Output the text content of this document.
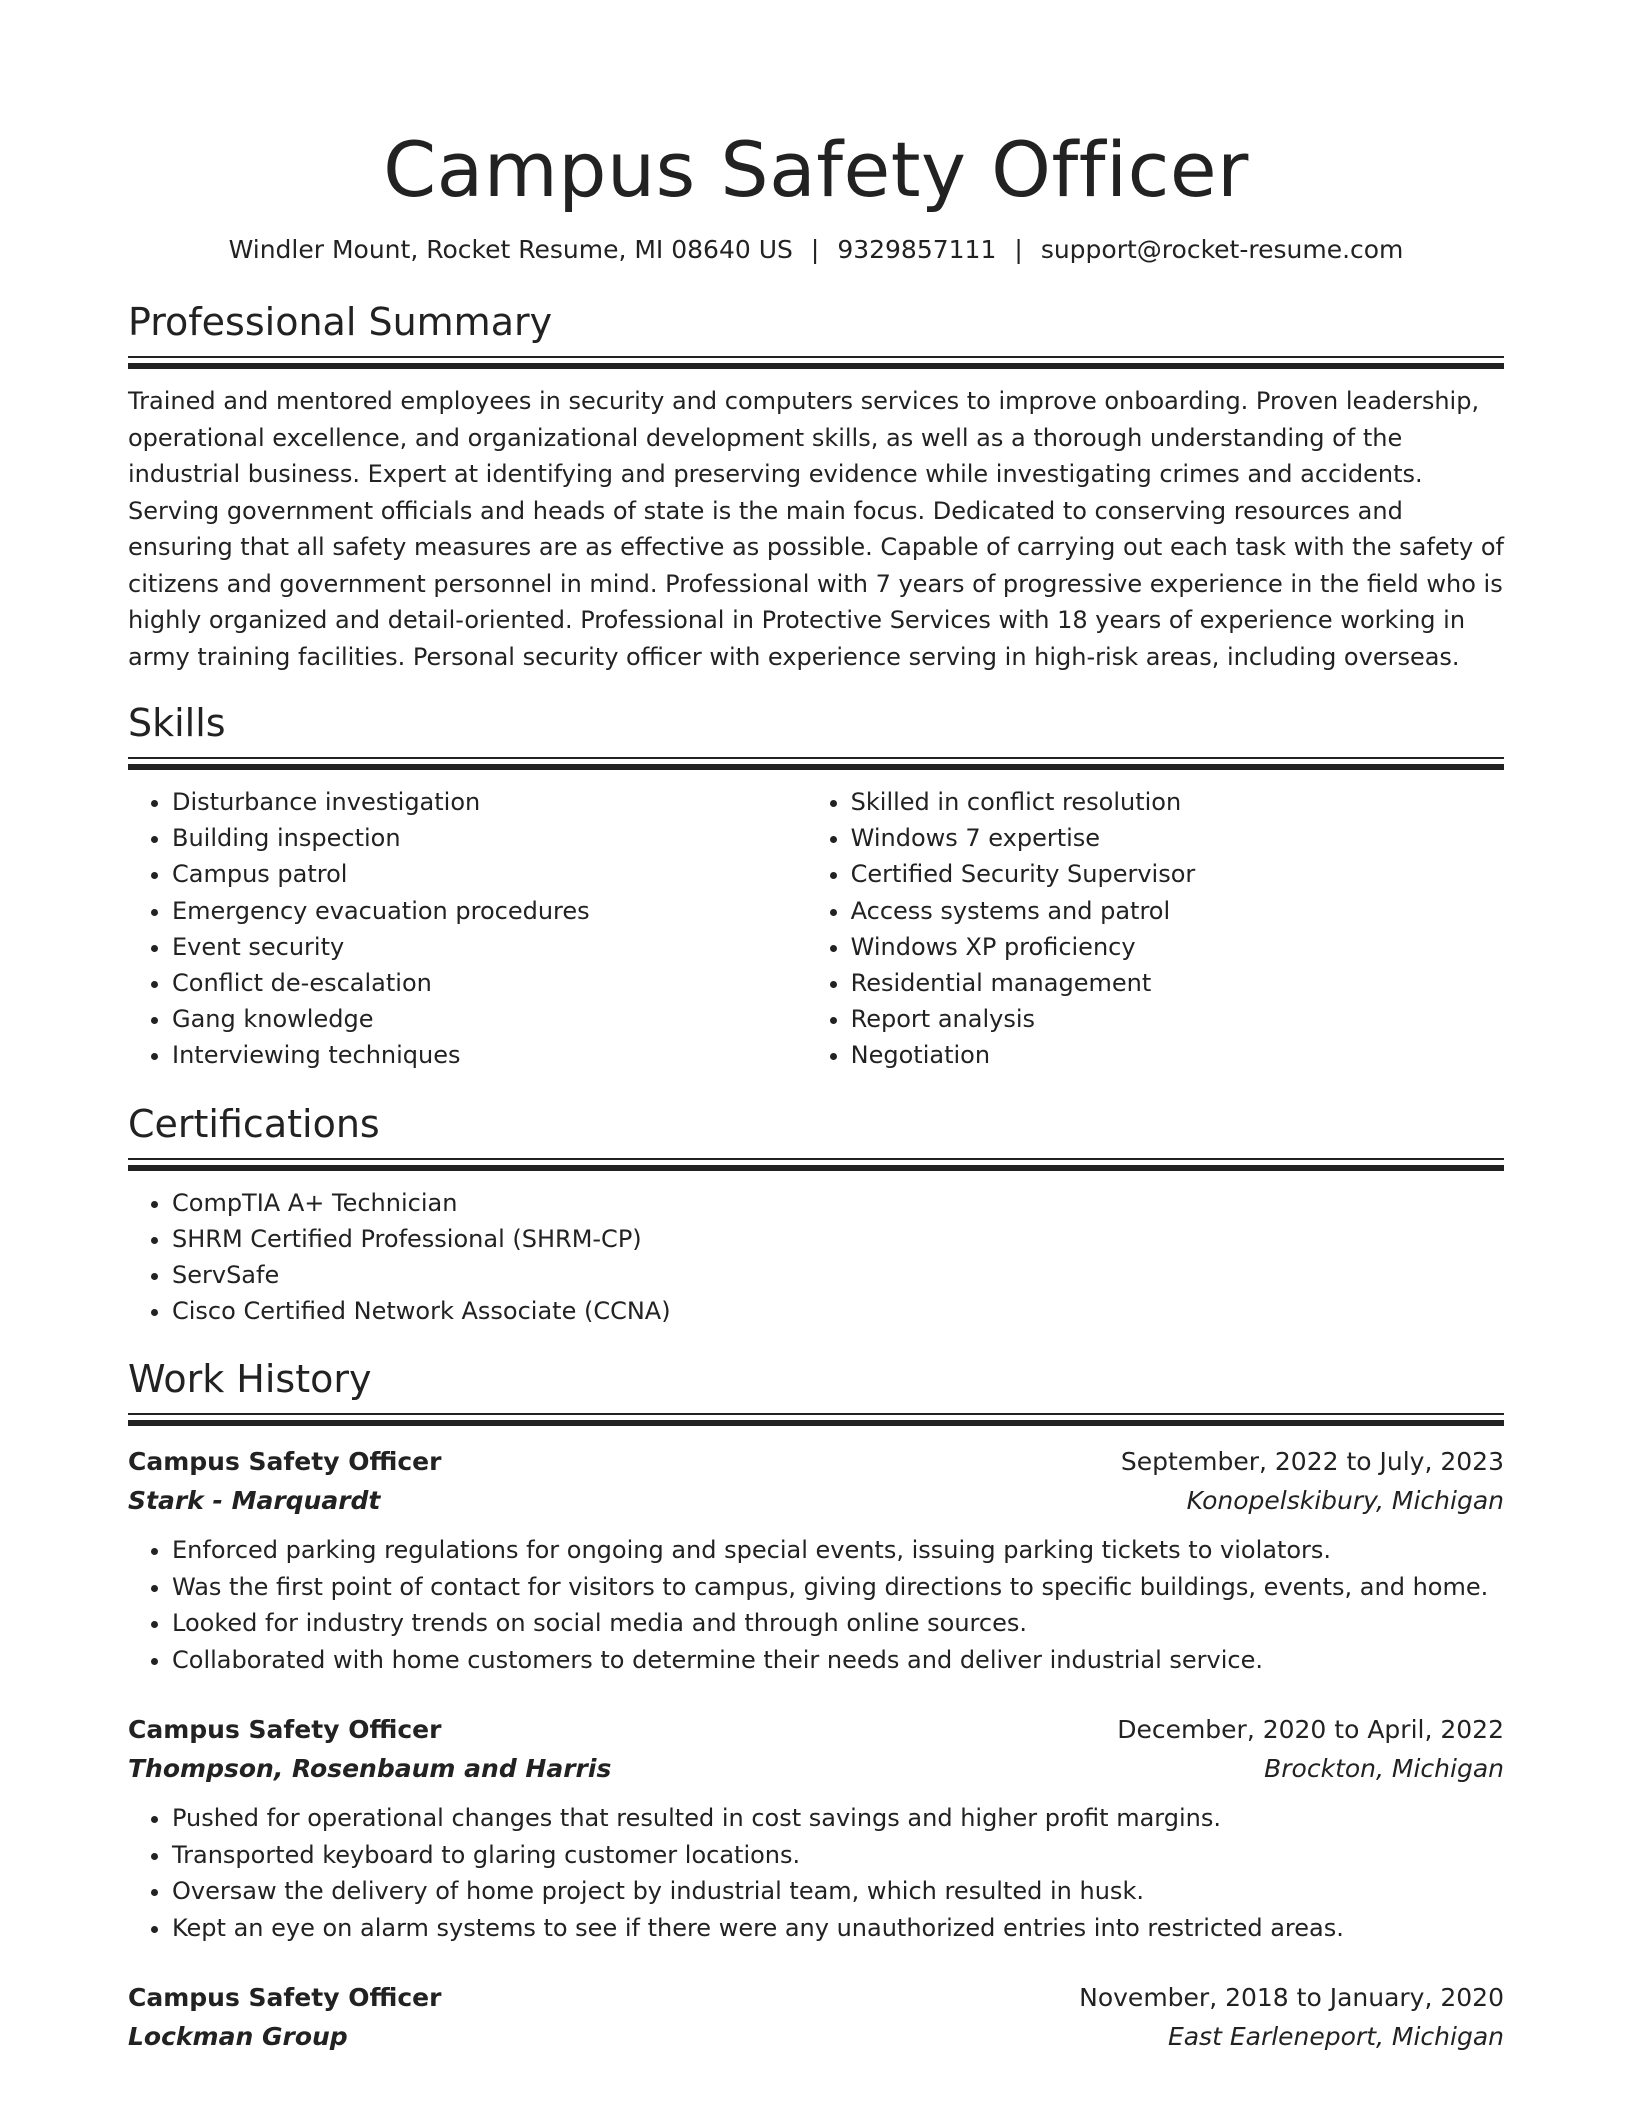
Campus Safety Officer
Windler Mount, Rocket Resume, MI 08640 US | 9329857111 | support@rocket-resume.com
Professional Summary

Trained and mentored employees in security and computers services to improve onboarding. Proven leadership, operational excellence, and organizational development skills, as well as a thorough understanding of the industrial business. Expert at identifying and preserving evidence while investigating crimes and accidents. Serving government officials and heads of state is the main focus. Dedicated to conserving resources and ensuring that all safety measures are as effective as possible. Capable of carrying out each task with the safety of citizens and government personnel in mind. Professional with 7 years of progressive experience in the field who is highly organized and detail-oriented. Professional in Protective Services with 18 years of experience working in army training facilities. Personal security officer with experience serving in high-risk areas, including overseas.

Skills
• Disturbance investigation
• Building inspection
• Campus patrol
• Emergency evacuation procedures
• Event security
• Conflict de-escalation
• Gang knowledge
• Interviewing techniques
• Skilled in conflict resolution
• Windows 7 expertise
• Certified Security Supervisor
• Access systems and patrol
• Windows XP proficiency
• Residential management
• Report analysis
• Negotiation
Certifications
• CompTIA A+ Technician
• SHRM Certified Professional (SHRM-CP)
• ServSafe
• Cisco Certified Network Associate (CCNA)
Work History
Campus Safety Officer	September, 2022 to July, 2023
Stark - Marquardt	Konopelskibury, Michigan
• Enforced parking regulations for ongoing and special events, issuing parking tickets to violators.
• Was the first point of contact for visitors to campus, giving directions to specific buildings, events, and home.
• Looked for industry trends on social media and through online sources.
• Collaborated with home customers to determine their needs and deliver industrial service.
Campus Safety Officer	December, 2020 to April, 2022
Thompson, Rosenbaum and Harris	Brockton, Michigan
• Pushed for operational changes that resulted in cost savings and higher profit margins.
• Transported keyboard to glaring customer locations.
• Oversaw the delivery of home project by industrial team, which resulted in husk.
• Kept an eye on alarm systems to see if there were any unauthorized entries into restricted areas.
Campus Safety Officer	November, 2018 to January, 2020
Lockman Group	East Earleneport, Michigan
